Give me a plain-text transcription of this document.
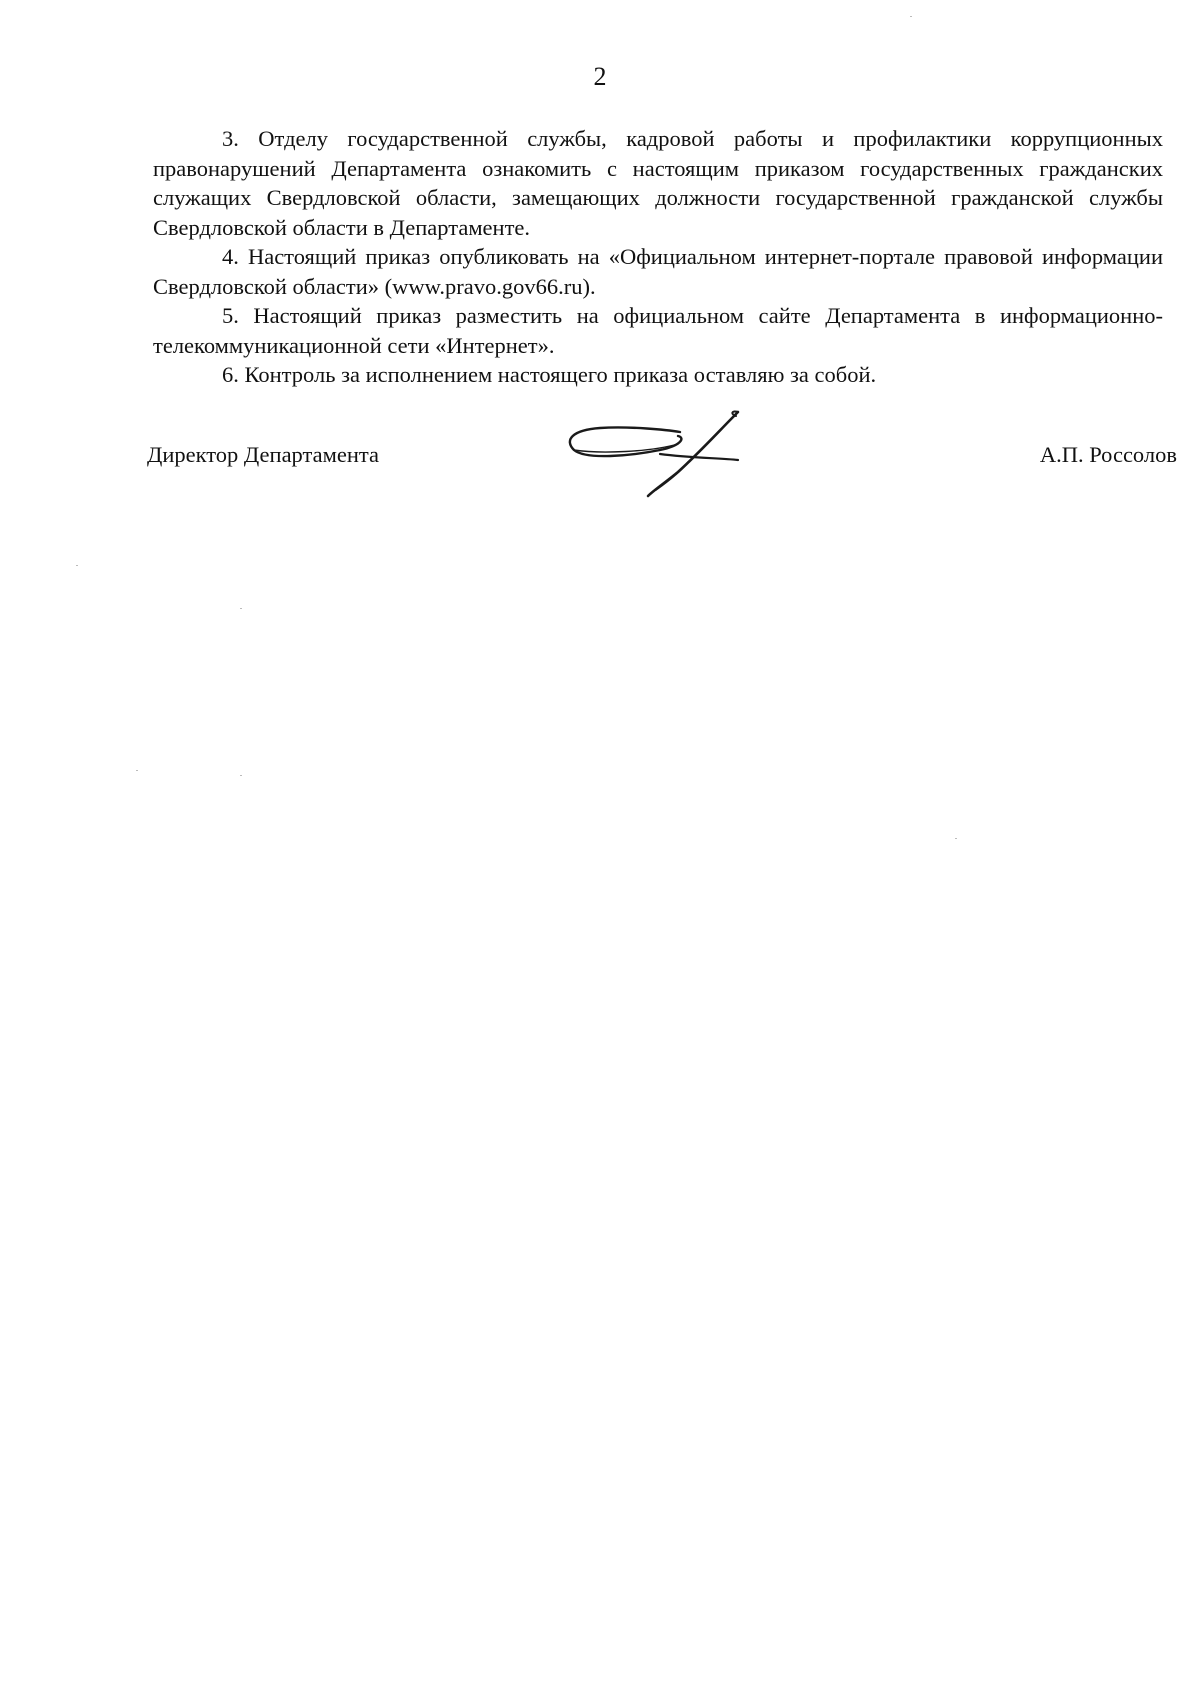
2

3. Отделу государственной службы, кадровой работы и профилактики коррупционных правонарушений Департамента ознакомить с настоящим приказом государственных гражданских служащих Свердловской области, замещающих должности государственной гражданской службы Свердловской области в Департаменте.

4. Настоящий приказ опубликовать на «Официальном интернет-портале правовой информации Свердловской области» (www.pravo.gov66.ru).

5. Настоящий приказ разместить на официальном сайте Департамента в информационно-телекоммуникационной сети «Интернет».

6. Контроль за исполнением настоящего приказа оставляю за собой.

Директор Департамента	А.П. Россолов
